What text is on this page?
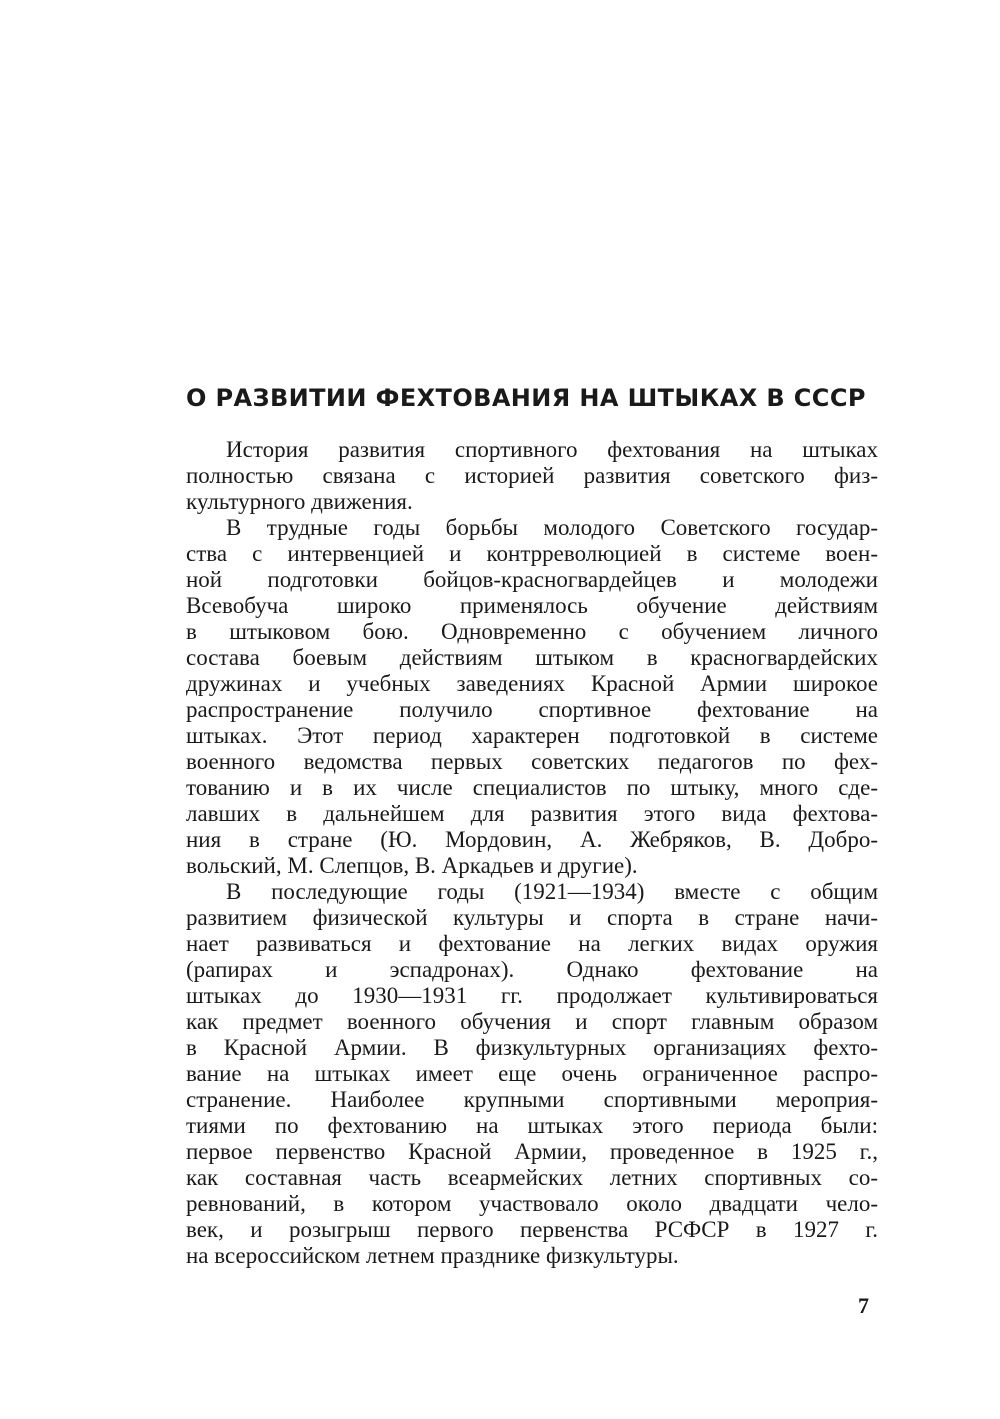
О РАЗВИТИИ ФЕХТОВАНИЯ НА ШТЫКАХ В СССР
История развития спортивного фехтования на штыках
полностью связана с историей развития советского физ-
культурного движения.
В трудные годы борьбы молодого Советского государ-
ства с интервенцией и контрреволюцией в системе воен-
ной подготовки бойцов-красногвардейцев и молодежи
Всевобуча широко применялось обучение действиям
в штыковом бою. Одновременно с обучением личного
состава боевым действиям штыком в красногвардейских
дружинах и учебных заведениях Красной Армии широкое
распространение получило спортивное фехтование на
штыках. Этот период характерен подготовкой в системе
военного ведомства первых советских педагогов по фех-
тованию и в их числе специалистов по штыку, много сде-
лавших в дальнейшем для развития этого вида фехтова-
ния в стране (Ю. Мордовин, А. Жебряков, В. Добро-
вольский, М. Слепцов, В. Аркадьев и другие).
В последующие годы (1921—1934) вместе с общим
развитием физической культуры и спорта в стране начи-
нает развиваться и фехтование на легких видах оружия
(рапирах и эспадронах). Однако фехтование на
штыках до 1930—1931 гг. продолжает культивироваться
как предмет военного обучения и спорт главным образом
в Красной Армии. В физкультурных организациях фехто-
вание на штыках имеет еще очень ограниченное распро-
странение. Наиболее крупными спортивными мероприя-
тиями по фехтованию на штыках этого периода были:
первое первенство Красной Армии, проведенное в 1925 г.,
как составная часть всеармейских летних спортивных со-
ревнований, в котором участвовало около двадцати чело-
век, и розыгрыш первого первенства РСФСР в 1927 г.
на всероссийском летнем празднике физкультуры.
7
